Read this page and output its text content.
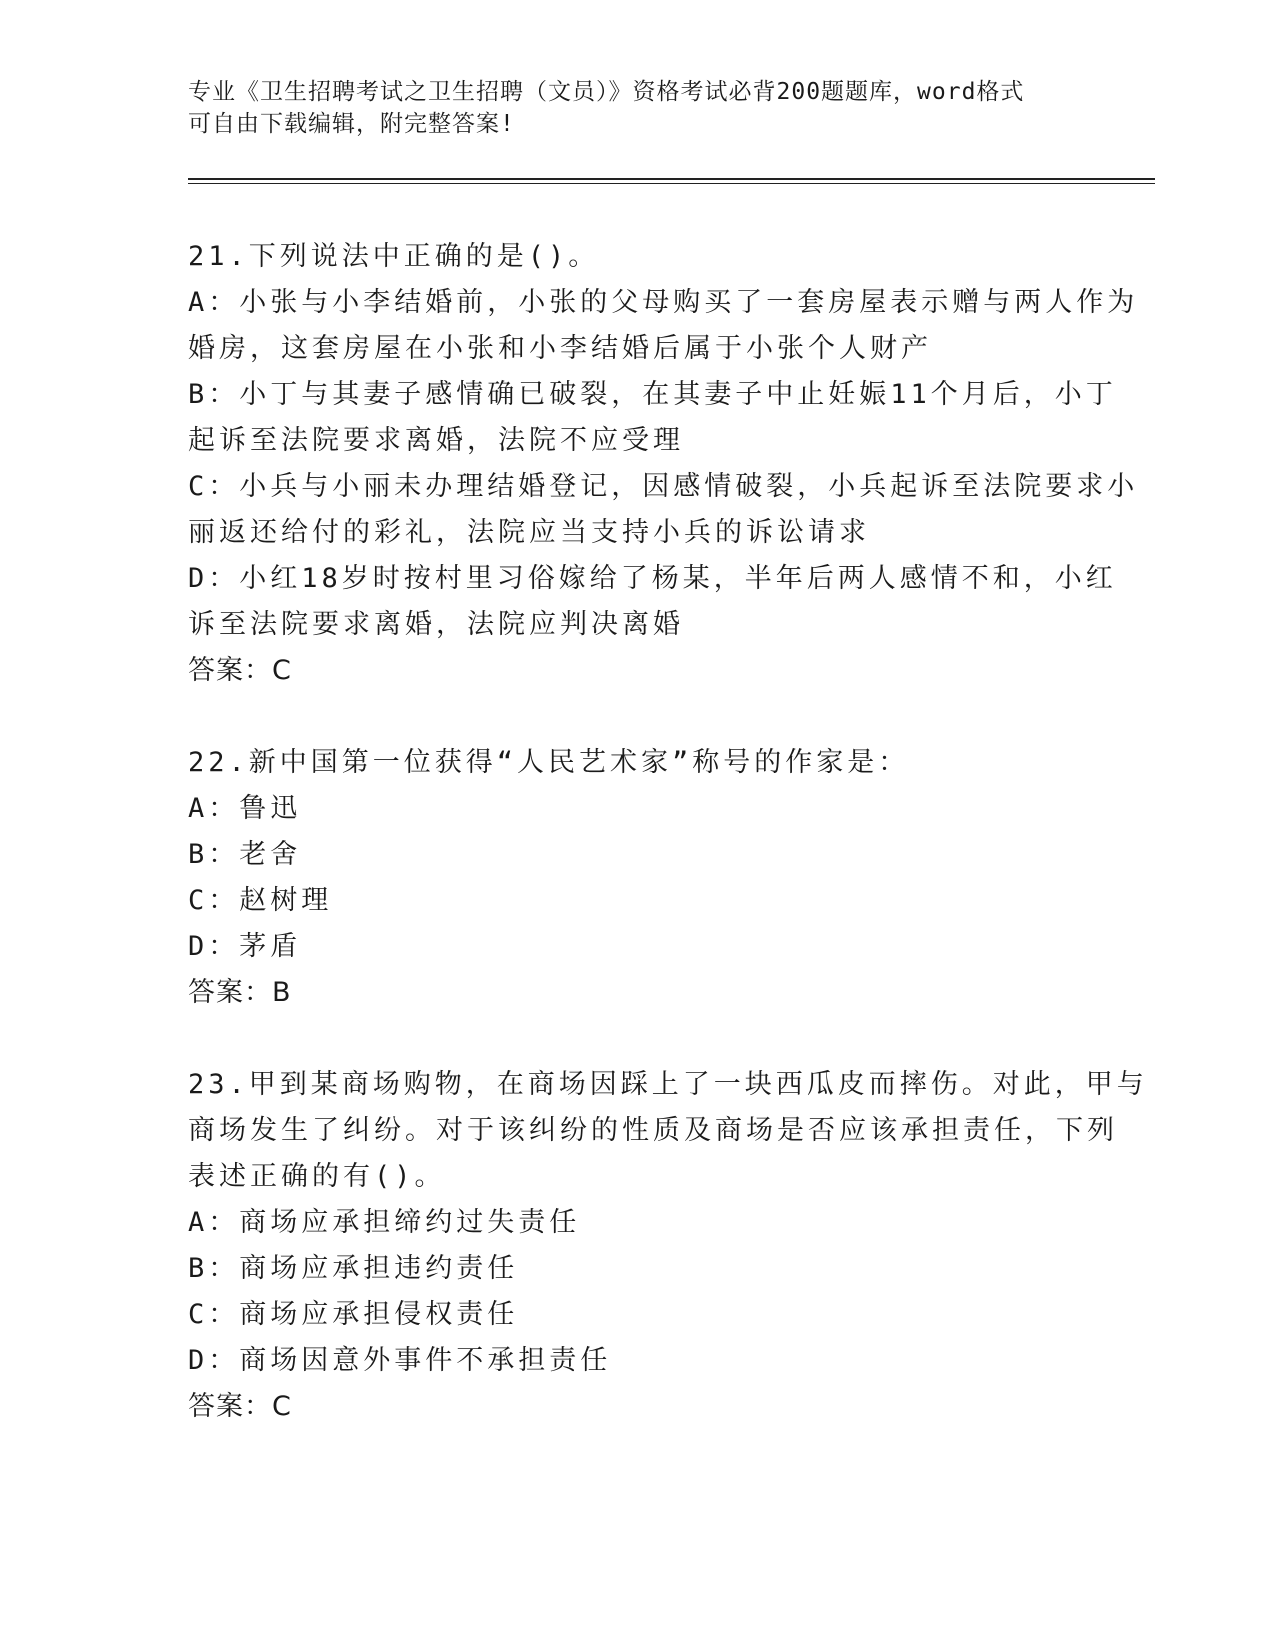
专业《卫生招聘考试之卫生招聘（文员）》资格考试必背200题题库，word格式
可自由下载编辑，附完整答案!
21.下列说法中正确的是()。
A：小张与小李结婚前，小张的父母购买了一套房屋表示赠与两人作为
婚房，这套房屋在小张和小李结婚后属于小张个人财产
B：小丁与其妻子感情确已破裂，在其妻子中止妊娠11个月后，小丁
起诉至法院要求离婚，法院不应受理
C：小兵与小丽未办理结婚登记，因感情破裂，小兵起诉至法院要求小
丽返还给付的彩礼，法院应当支持小兵的诉讼请求
D：小红18岁时按村里习俗嫁给了杨某，半年后两人感情不和，小红
诉至法院要求离婚，法院应判决离婚
答案：C
22.新中国第一位获得“人民艺术家”称号的作家是：
A：鲁迅
B：老舍
C：赵树理
D：茅盾
答案：B
23.甲到某商场购物，在商场因踩上了一块西瓜皮而摔伤。对此，甲与
商场发生了纠纷。对于该纠纷的性质及商场是否应该承担责任，下列
表述正确的有()。
A：商场应承担缔约过失责任
B：商场应承担违约责任
C：商场应承担侵权责任
D：商场因意外事件不承担责任
答案：C
